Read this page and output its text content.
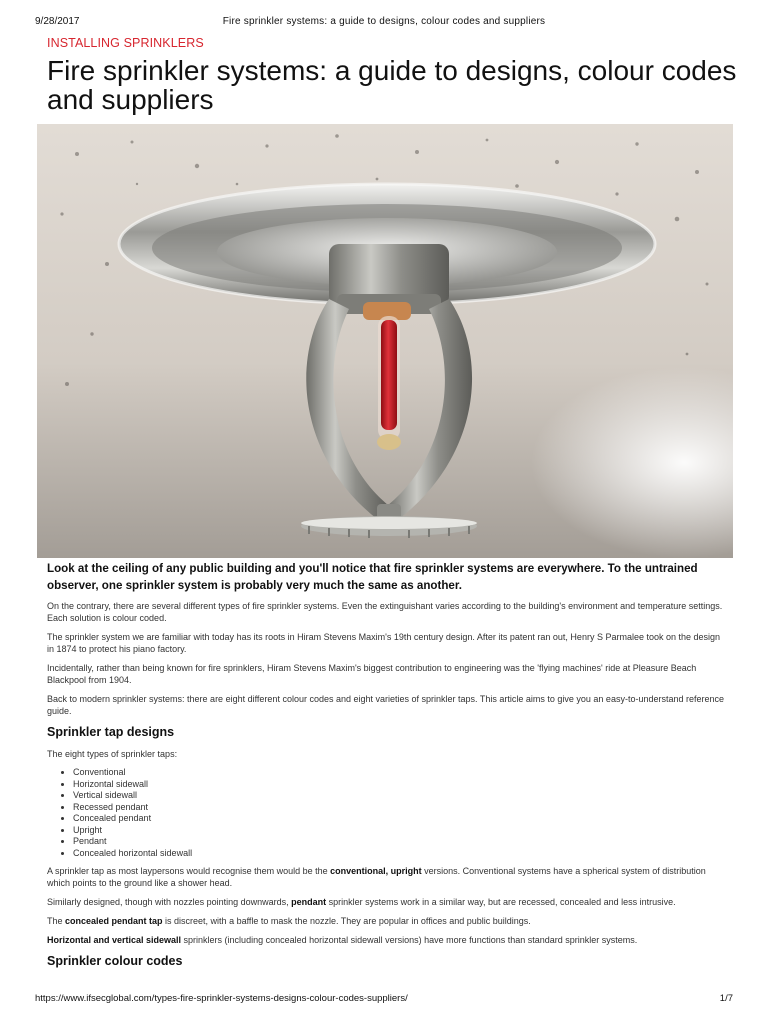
9/28/2017	Fire sprinkler systems: a guide to designs, colour codes and suppliers
INSTALLING SPRINKLERS
Fire sprinkler systems: a guide to designs, colour codes and suppliers

Look at the ceiling of any public building and you'll notice that fire sprinkler systems are everywhere. To the untrained observer, one sprinkler system is probably very much the same as another.

On the contrary, there are several different types of fire sprinkler systems. Even the extinguishant varies according to the building's environment and temperature settings. Each solution is colour coded.

The sprinkler system we are familiar with today has its roots in Hiram Stevens Maxim's 19th century design. After its patent ran out, Henry S Parmalee took on the design in 1874 to protect his piano factory.

Incidentally, rather than being known for fire sprinklers, Hiram Stevens Maxim's biggest contribution to engineering was the 'flying machines' ride at Pleasure Beach Blackpool from 1904.

Back to modern sprinkler systems: there are eight different colour codes and eight varieties of sprinkler taps. This article aims to give you an easy-to-understand reference guide.

Sprinkler tap designs

The eight types of sprinkler taps:

• Conventional
• Horizontal sidewall
• Vertical sidewall
• Recessed pendant
• Concealed pendant
• Upright
• Pendant
• Concealed horizontal sidewall

A sprinkler tap as most laypersons would recognise them would be the conventional, upright versions. Conventional systems have a spherical system of distribution which points to the ground like a shower head.

Similarly designed, though with nozzles pointing downwards, pendant sprinkler systems work in a similar way, but are recessed, concealed and less intrusive.

The concealed pendant tap is discreet, with a baffle to mask the nozzle. They are popular in offices and public buildings.

Horizontal and vertical sidewall sprinklers (including concealed horizontal sidewall versions) have more functions than standard sprinkler systems.

Sprinkler colour codes
https://www.ifsecglobal.com/types-fire-sprinkler-systems-designs-colour-codes-suppliers/	1/7
